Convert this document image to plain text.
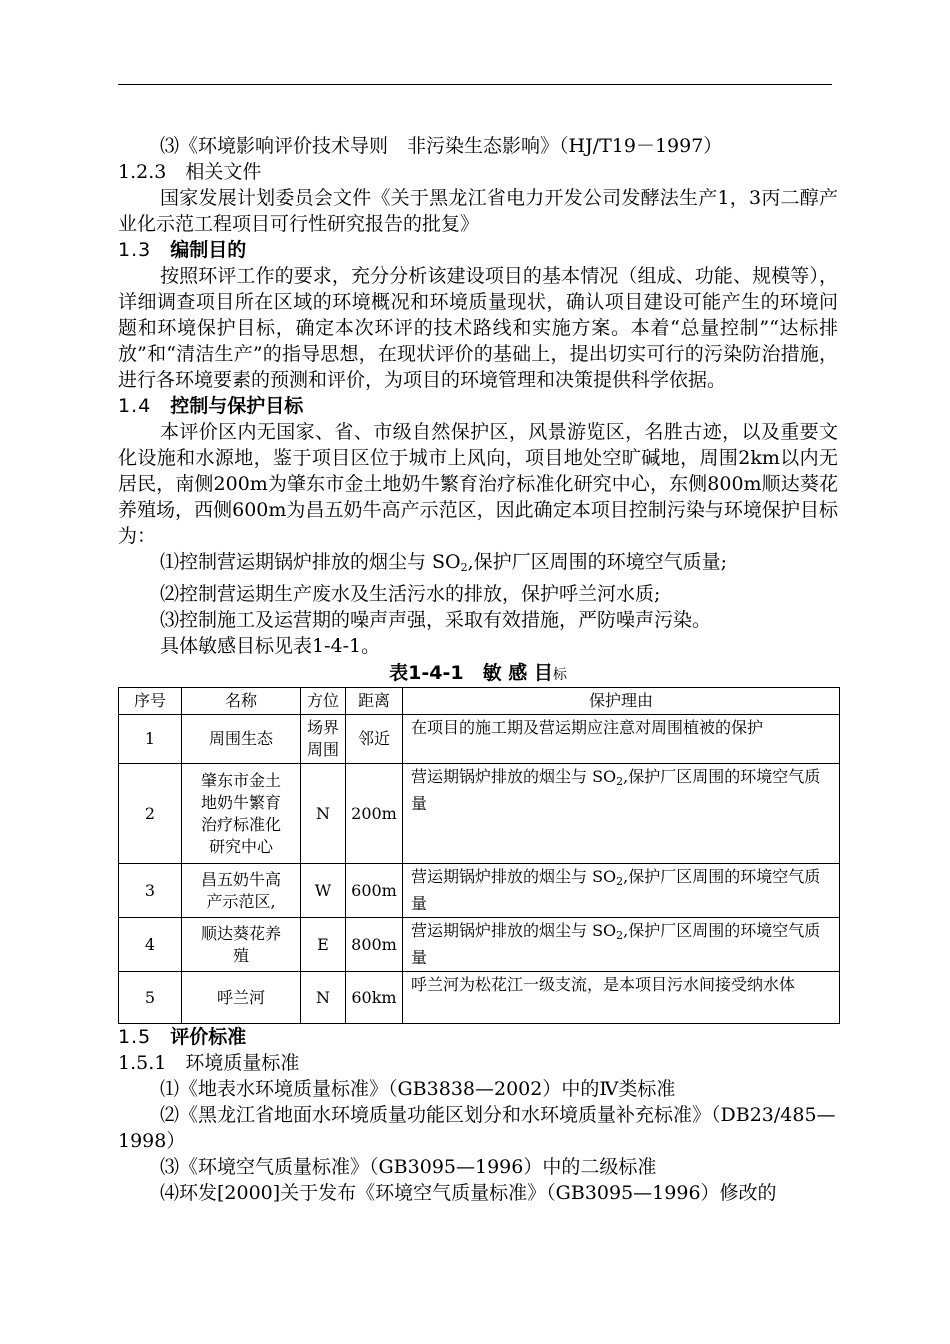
⑶《环境影响评价技术导则　非污染生态影响》（HJ/T19－1997）

1.2.3　 相关文件

国家发展计划委员会文件《关于黑龙江省电力开发公司发酵法生产1，3丙二醇产业化示范工程项目可行性研究报告的批复》

1.3　 编制目的

按照环评工作的要求，充分分析该建设项目的基本情况（组成、功能、规模等），详细调查项目所在区域的环境概况和环境质量现状，确认项目建设可能产生的环境问题和环境保护目标，确定本次环评的技术路线和实施方案。本着“总量控制”“达标排放”和“清洁生产”的指导思想，在现状评价的基础上，提出切实可行的污染防治措施，进行各环境要素的预测和评价，为项目的环境管理和决策提供科学依据。

1.4　 控制与保护目标

本评价区内无国家、省、市级自然保护区，风景游览区，名胜古迹，以及重要文化设施和水源地，鉴于项目区位于城市上风向，项目地处空旷碱地，周围2km以内无居民，南侧200m为肇东市金土地奶牛繁育治疗标准化研究中心，东侧800m顺达葵花养殖场，西侧600m为昌五奶牛高产示范区，因此确定本项目控制污染与环境保护目标为：

⑴控制营运期锅炉排放的烟尘与 $SO_2$,保护厂区周围的环境空气质量;

⑵控制营运期生产废水及生活污水的排放，保护呼兰河水质;

⑶控制施工及运营期的噪声声强，采取有效措施，严防噪声污染。

具体敏感目标见表1-4-1。

表1-4-1　敏 感 目标
序号	名称	方位	距离	保护理由
1	周围生态	场界周围	邻近	在项目的施工期及营运期应注意对周围植被的保护
2	肇东市金土地奶牛繁育治疗标准化研究中心	N	200m	营运期锅炉排放的烟尘与 $SO_2$,保护厂区周围的环境空气质量
3	昌五奶牛高产示范区,	W	600m	营运期锅炉排放的烟尘与 $SO_2$,保护厂区周围的环境空气质量
4	顺达葵花养殖	E	800m	营运期锅炉排放的烟尘与 $SO_2$,保护厂区周围的环境空气质量
5	呼兰河	N	60km	呼兰河为松花江一级支流，是本项目污水间接受纳水体

1.5　 评价标准

1.5.1　 环境质量标准

⑴《地表水环境质量标准》（GB3838—2002）中的Ⅳ类标准

⑵《黑龙江省地面水环境质量功能区划分和水环境质量补充标准》（DB23/485—1998）

⑶《环境空气质量标准》（GB3095—1996）中的二级标准

⑷环发[2000]关于发布《环境空气质量标准》（GB3095—1996）修改的
